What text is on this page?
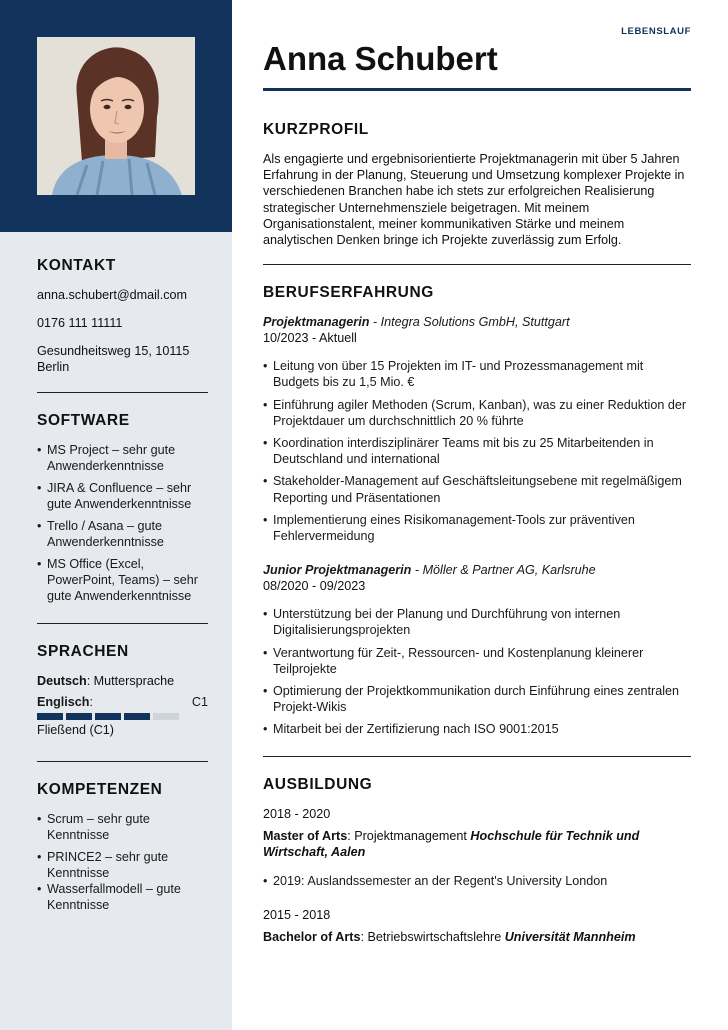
KONTAKT
anna.schubert@dmail.com
0176 111 11111
Gesundheitsweg 15, 10115 Berlin
SOFTWARE
• MS Project – sehr gute Anwenderkenntnisse
• JIRA & Confluence – sehr gute Anwenderkenntnisse
• Trello / Asana – gute Anwenderkenntnisse
• MS Office (Excel, PowerPoint, Teams) – sehr gute Anwenderkenntnisse
SPRACHEN
Deutsch: Muttersprache
Englisch:	C1
Fließend (C1)
KOMPETENZEN
• Scrum – sehr gute Kenntnisse
• PRINCE2 – sehr gute Kenntnisse
• Wasserfallmodell – gute Kenntnisse
LEBENSLAUF
Anna Schubert
KURZPROFIL
Als engagierte und ergebnisorientierte Projektmanagerin mit über 5 Jahren Erfahrung in der Planung, Steuerung und Umsetzung komplexer Projekte in verschiedenen Branchen habe ich stets zur erfolgreichen Realisierung strategischer Unternehmensziele beigetragen. Mit meinem Organisationstalent, meiner kommunikativen Stärke und meinem analytischen Denken bringe ich Projekte zuverlässig zum Erfolg.
BERUFSERFAHRUNG
Projektmanagerin - Integra Solutions GmbH, Stuttgart
10/2023 - Aktuell
• Leitung von über 15 Projekten im IT- und Prozessmanagement mit Budgets bis zu 1,5 Mio. €
• Einführung agiler Methoden (Scrum, Kanban), was zu einer Reduktion der Projektdauer um durchschnittlich 20 % führte
• Koordination interdisziplinärer Teams mit bis zu 25 Mitarbeitenden in Deutschland und international
• Stakeholder-Management auf Geschäftsleitungsebene mit regelmäßigem Reporting und Präsentationen
• Implementierung eines Risikomanagement-Tools zur präventiven Fehlervermeidung
Junior Projektmanagerin - Möller & Partner AG, Karlsruhe
08/2020 - 09/2023
• Unterstützung bei der Planung und Durchführung von internen Digitalisierungsprojekten
• Verantwortung für Zeit-, Ressourcen- und Kostenplanung kleinerer Teilprojekte
• Optimierung der Projektkommunikation durch Einführung eines zentralen Projekt-Wikis
• Mitarbeit bei der Zertifizierung nach ISO 9001:2015
AUSBILDUNG
2018 - 2020
Master of Arts: Projektmanagement Hochschule für Technik und Wirtschaft, Aalen
• 2019: Auslandssemester an der Regent's University London
2015 - 2018
Bachelor of Arts: Betriebswirtschaftslehre Universität Mannheim
